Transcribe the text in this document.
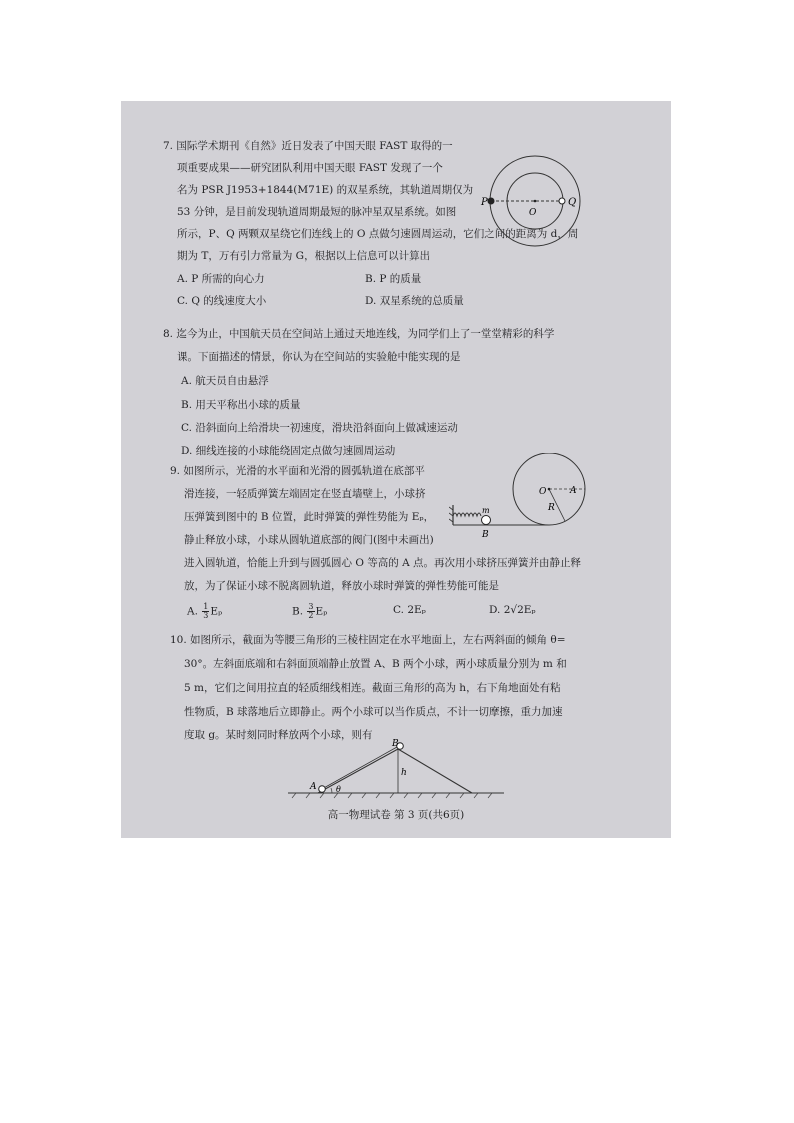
7. 国际学术期刊《自然》近日发表了中国天眼 FAST 取得的一
项重要成果——研究团队利用中国天眼 FAST 发现了一个
名为 PSR J1953+1844(M71E) 的双星系统，其轨道周期仅为
53 分钟，是目前发现轨道周期最短的脉冲星双星系统。如图
所示，P、Q 两颗双星绕它们连线上的 O 点做匀速圆周运动，它们之间的距离为 d，周
期为 T，万有引力常量为 G，根据以上信息可以计算出
A. P 所需的向心力	B. P 的质量
C. Q 的线速度大小	D. 双星系统的总质量
P	Q
O
8. 迄今为止，中国航天员在空间站上通过天地连线，为同学们上了一堂堂精彩的科学
课。下面描述的情景，你认为在空间站的实验舱中能实现的是
A. 航天员自由悬浮
B. 用天平称出小球的质量
C. 沿斜面向上给滑块一初速度，滑块沿斜面向上做减速运动
D. 细线连接的小球能绕固定点做匀速圆周运动
9. 如图所示，光滑的水平面和光滑的圆弧轨道在底部平
滑连接，一轻质弹簧左端固定在竖直墙壁上，小球挤
压弹簧到图中的 B 位置，此时弹簧的弹性势能为 Eₚ，
静止释放小球，小球从圆轨道底部的阀门(图中未画出)
进入圆轨道，恰能上升到与圆弧圆心 O 等高的 A 点。再次用小球挤压弹簧并由静止释
放，为了保证小球不脱离圆轨道，释放小球时弹簧的弹性势能可能是
A. $\frac{1}{3}$ Eₚ	B. $\frac{3}{2}$ Eₚ	C. 2Eₚ	D. 2√2Eₚ
O	A
R
m
B
10. 如图所示，截面为等腰三角形的三棱柱固定在水平地面上，左右两斜面的倾角 θ=
30°。左斜面底端和右斜面顶端静止放置 A、B 两个小球，两小球质量分别为 m 和
5 m，它们之间用拉直的轻质细线相连。截面三角形的高为 h，右下角地面处有粘
性物质，B 球落地后立即静止。两个小球可以当作质点，不计一切摩擦，重力加速
度取 g。某时刻同时释放两个小球，则有
A
B
h
θ
高一物理试卷 第 3 页(共6页)
